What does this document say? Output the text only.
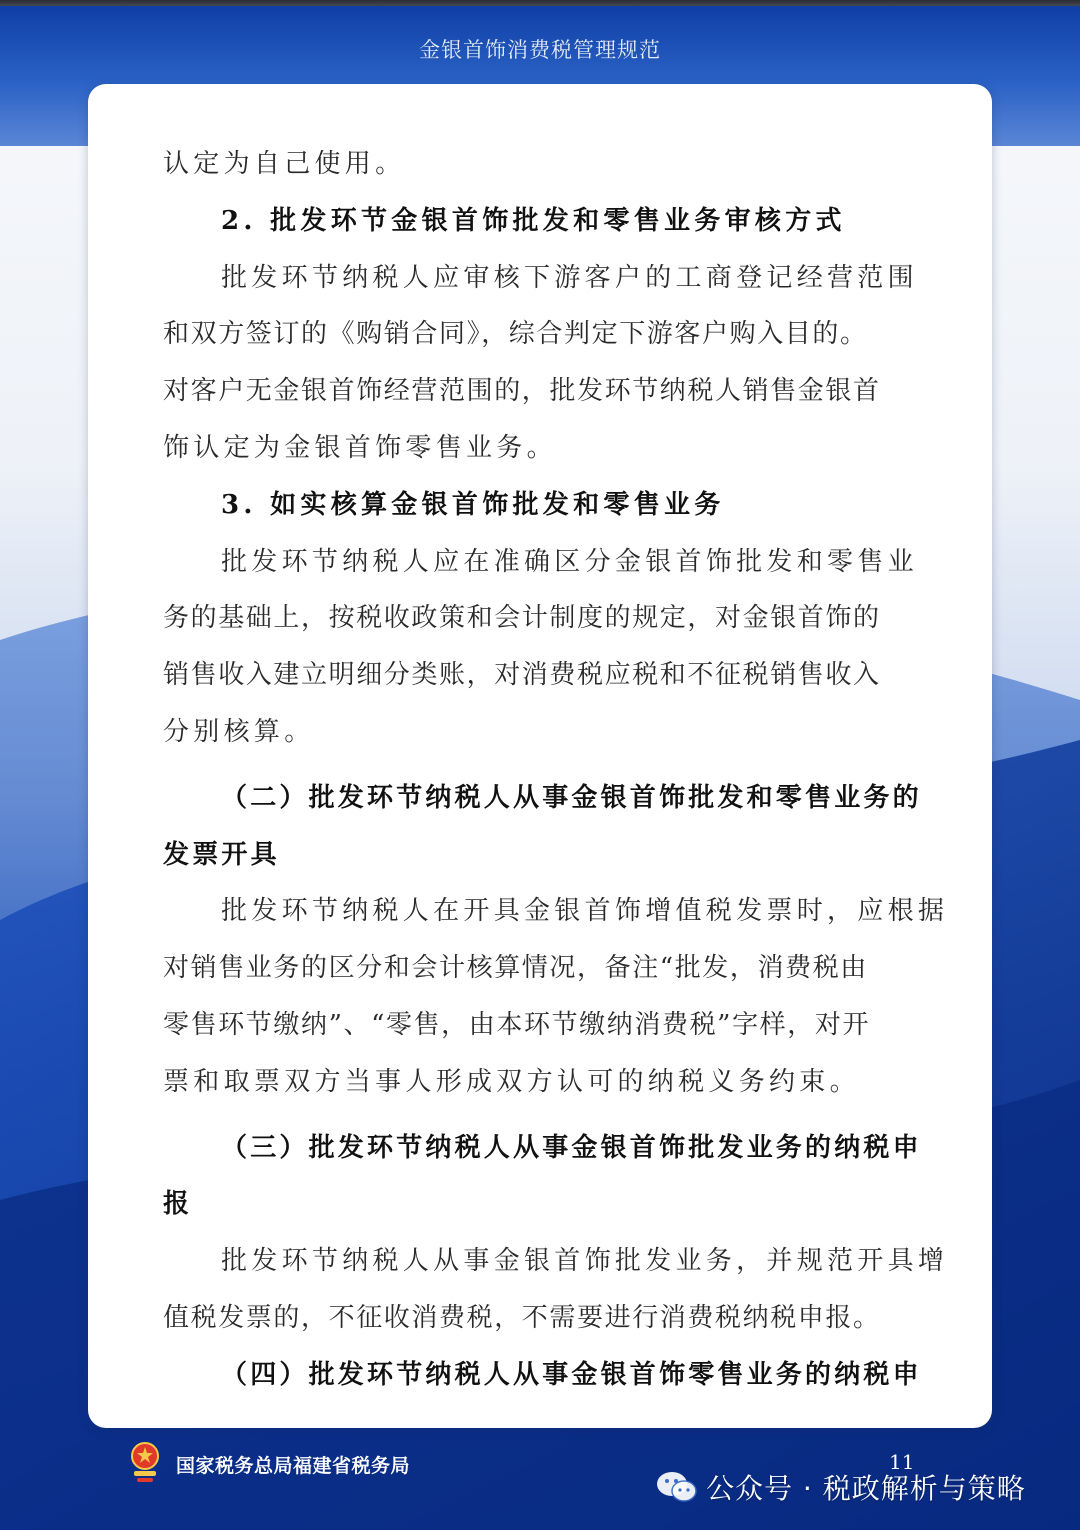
金银首饰消费税管理规范
认定为自己使用。
2. 批发环节金银首饰批发和零售业务审核方式
批发环节纳税人应审核下游客户的工商登记经营范围
和双方签订的《购销合同》，综合判定下游客户购入目的。
对客户无金银首饰经营范围的，批发环节纳税人销售金银首
饰认定为金银首饰零售业务。
3. 如实核算金银首饰批发和零售业务
批发环节纳税人应在准确区分金银首饰批发和零售业
务的基础上，按税收政策和会计制度的规定，对金银首饰的
销售收入建立明细分类账，对消费税应税和不征税销售收入
分别核算。
（二）批发环节纳税人从事金银首饰批发和零售业务的
发票开具
批发环节纳税人在开具金银首饰增值税发票时，应根据
对销售业务的区分和会计核算情况，备注“批发，消费税由
零售环节缴纳”、“零售，由本环节缴纳消费税”字样，对开
票和取票双方当事人形成双方认可的纳税义务约束。
（三）批发环节纳税人从事金银首饰批发业务的纳税申
报
批发环节纳税人从事金银首饰批发业务，并规范开具增
值税发票的，不征收消费税，不需要进行消费税纳税申报。
（四）批发环节纳税人从事金银首饰零售业务的纳税申
国家税务总局福建省税务局	11
公众号 · 税政解析与策略
